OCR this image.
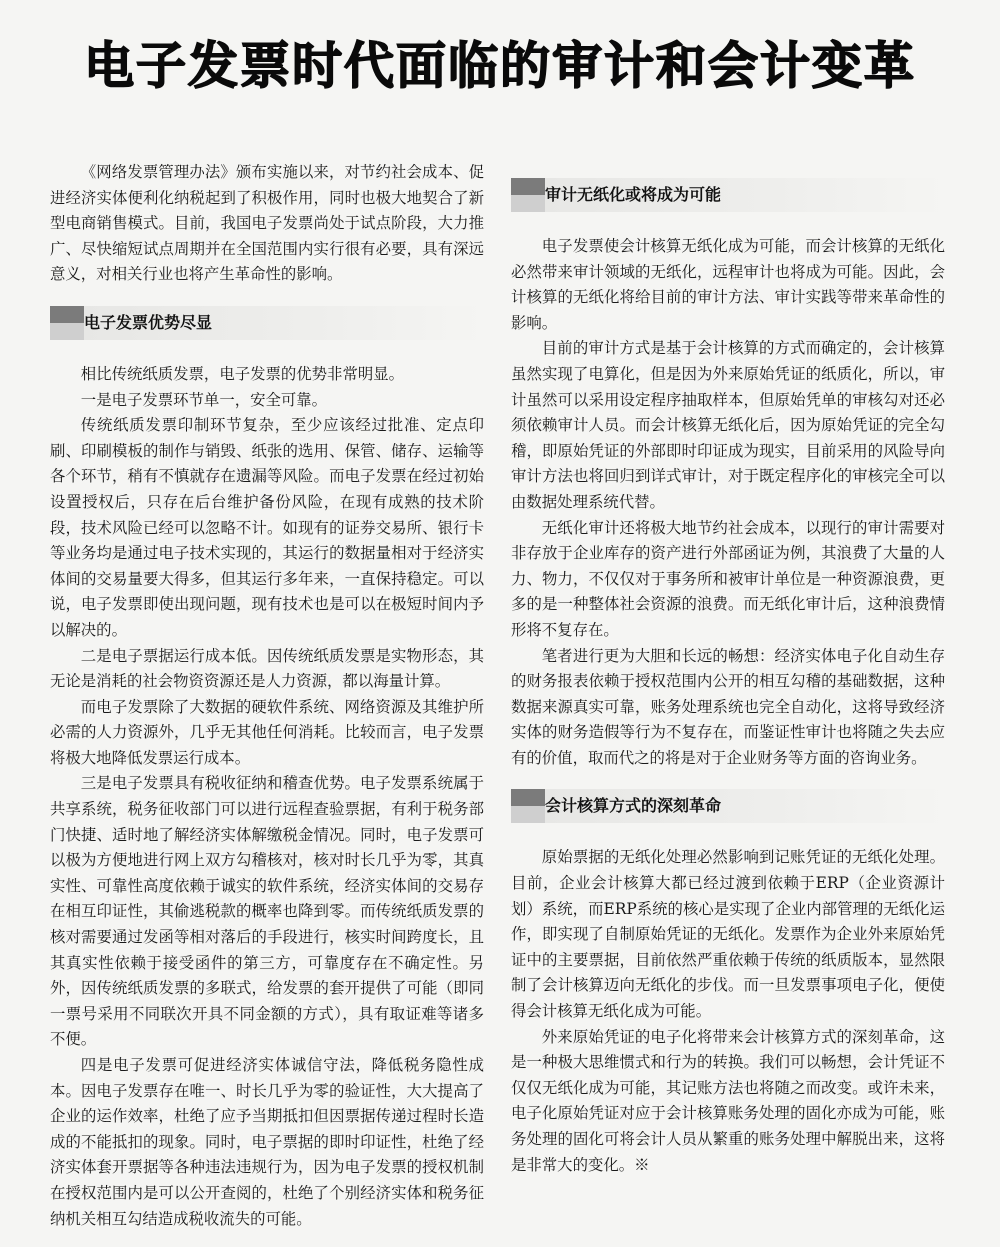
电子发票时代面临的审计和会计变革

《网络发票管理办法》颁布实施以来，对节约社会成本、促进经济实体便利化纳税起到了积极作用，同时也极大地契合了新型电商销售模式。目前，我国电子发票尚处于试点阶段，大力推广、尽快缩短试点周期并在全国范围内实行很有必要，具有深远意义，对相关行业也将产生革命性的影响。

电子发票优势尽显

相比传统纸质发票，电子发票的优势非常明显。

一是电子发票环节单一，安全可靠。

传统纸质发票印制环节复杂，至少应该经过批准、定点印刷、印刷模板的制作与销毁、纸张的选用、保管、储存、运输等各个环节，稍有不慎就存在遗漏等风险。而电子发票在经过初始设置授权后，只存在后台维护备份风险，在现有成熟的技术阶段，技术风险已经可以忽略不计。如现有的证券交易所、银行卡等业务均是通过电子技术实现的，其运行的数据量相对于经济实体间的交易量要大得多，但其运行多年来，一直保持稳定。可以说，电子发票即使出现问题，现有技术也是可以在极短时间内予以解决的。

二是电子票据运行成本低。因传统纸质发票是实物形态，其无论是消耗的社会物资资源还是人力资源，都以海量计算。

而电子发票除了大数据的硬软件系统、网络资源及其维护所必需的人力资源外，几乎无其他任何消耗。比较而言，电子发票将极大地降低发票运行成本。

三是电子发票具有税收征纳和稽查优势。电子发票系统属于共享系统，税务征收部门可以进行远程查验票据，有利于税务部门快捷、适时地了解经济实体解缴税金情况。同时，电子发票可以极为方便地进行网上双方勾稽核对，核对时长几乎为零，其真实性、可靠性高度依赖于诚实的软件系统，经济实体间的交易存在相互印证性，其偷逃税款的概率也降到零。而传统纸质发票的核对需要通过发函等相对落后的手段进行，核实时间跨度长，且其真实性依赖于接受函件的第三方，可靠度存在不确定性。另外，因传统纸质发票的多联式，给发票的套开提供了可能（即同一票号采用不同联次开具不同金额的方式），具有取证难等诸多不便。

四是电子发票可促进经济实体诚信守法，降低税务隐性成本。因电子发票存在唯一、时长几乎为零的验证性，大大提高了企业的运作效率，杜绝了应予当期抵扣但因票据传递过程时长造成的不能抵扣的现象。同时，电子票据的即时印证性，杜绝了经济实体套开票据等各种违法违规行为，因为电子发票的授权机制在授权范围内是可以公开查阅的，杜绝了个别经济实体和税务征纳机关相互勾结造成税收流失的可能。

审计无纸化或将成为可能

电子发票使会计核算无纸化成为可能，而会计核算的无纸化必然带来审计领域的无纸化，远程审计也将成为可能。因此，会计核算的无纸化将给目前的审计方法、审计实践等带来革命性的影响。

目前的审计方式是基于会计核算的方式而确定的，会计核算虽然实现了电算化，但是因为外来原始凭证的纸质化，所以，审计虽然可以采用设定程序抽取样本，但原始凭单的审核勾对还必须依赖审计人员。而会计核算无纸化后，因为原始凭证的完全勾稽，即原始凭证的外部即时印证成为现实，目前采用的风险导向审计方法也将回归到详式审计，对于既定程序化的审核完全可以由数据处理系统代替。

无纸化审计还将极大地节约社会成本，以现行的审计需要对非存放于企业库存的资产进行外部函证为例，其浪费了大量的人力、物力，不仅仅对于事务所和被审计单位是一种资源浪费，更多的是一种整体社会资源的浪费。而无纸化审计后，这种浪费情形将不复存在。

笔者进行更为大胆和长远的畅想：经济实体电子化自动生存的财务报表依赖于授权范围内公开的相互勾稽的基础数据，这种数据来源真实可靠，账务处理系统也完全自动化，这将导致经济实体的财务造假等行为不复存在，而鉴证性审计也将随之失去应有的价值，取而代之的将是对于企业财务等方面的咨询业务。

会计核算方式的深刻革命

原始票据的无纸化处理必然影响到记账凭证的无纸化处理。目前，企业会计核算大都已经过渡到依赖于ERP（企业资源计划）系统，而ERP系统的核心是实现了企业内部管理的无纸化运作，即实现了自制原始凭证的无纸化。发票作为企业外来原始凭证中的主要票据，目前依然严重依赖于传统的纸质版本，显然限制了会计核算迈向无纸化的步伐。而一旦发票事项电子化，便使得会计核算无纸化成为可能。

外来原始凭证的电子化将带来会计核算方式的深刻革命，这是一种极大思维惯式和行为的转换。我们可以畅想，会计凭证不仅仅无纸化成为可能，其记账方法也将随之而改变。或许未来，电子化原始凭证对应于会计核算账务处理的固化亦成为可能，账务处理的固化可将会计人员从繁重的账务处理中解脱出来，这将是非常大的变化。※
